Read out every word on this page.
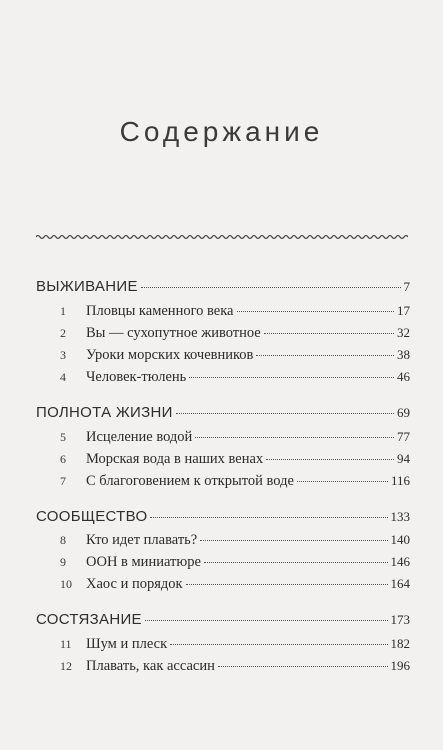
Содержание
ВЫЖИВАНИЕ	7
1	Пловцы каменного века	17
2	Вы — сухопутное животное	32
3	Уроки морских кочевников	38
4	Человек-тюлень	46
ПОЛНОТА ЖИЗНИ	69
5	Исцеление водой	77
6	Морская вода в наших венах	94
7	С благоговением к открытой воде	116
СООБЩЕСТВО	133
8	Кто идет плавать?	140
9	ООН в миниатюре	146
10 Хаос и порядок	164
СОСТЯЗАНИЕ	173
11 Шум и плеск	182
12 Плавать, как ассасин	196
